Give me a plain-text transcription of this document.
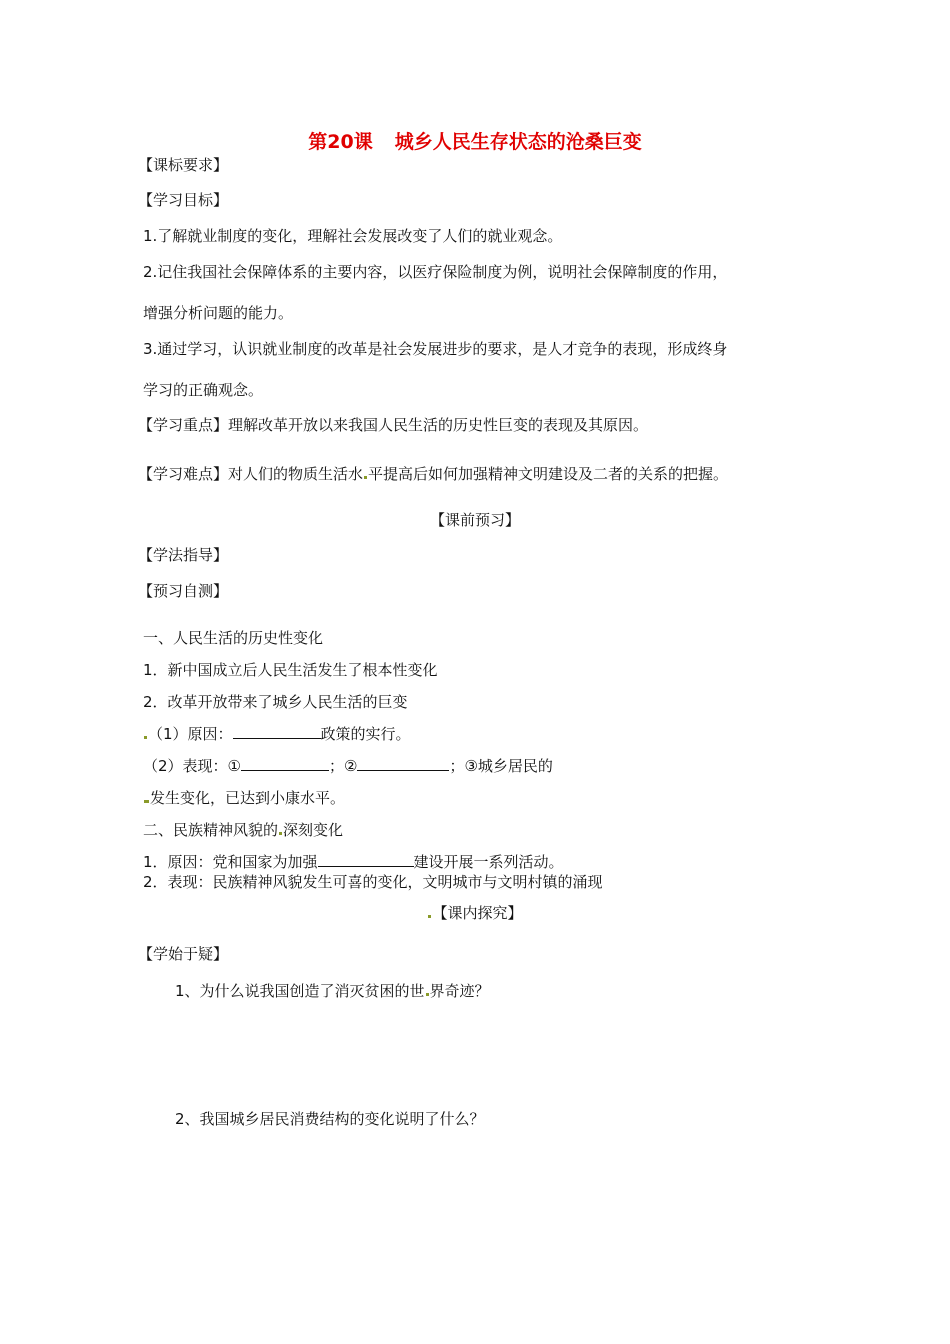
第20课 城乡人民生存状态的沧桑巨变
【课标要求】
【学习目标】
1.了解就业制度的变化，理解社会发展改变了人们的就业观念。
2.记住我国社会保障体系的主要内容，以医疗保险制度为例，说明社会保障制度的作用，
增强分析问题的能力。
3.通过学习，认识就业制度的改革是社会发展进步的要求，是人才竞争的表现，形成终身
学习的正确观念。
【学习重点】理解改革开放以来我国人民生活的历史性巨变的表现及其原因。
【学习难点】对人们的物质生活水 平提高后如何加强精神文明建设及二者的关系的把握。
【课前预习】
【学法指导】
【预习自测】
一、人民生活的历史性变化
1．新中国成立后人民生活发生了根本性变化
2．改革开放带来了城乡人民生活的巨变
（1）原因：	政策的实行。
（2）表现：①	；②	；③城乡居民的
发生变化，已达到小康水平。
二、民族精神风貌的 深刻变化
1．原因：党和国家为加强	建设开展一系列活动。
2．表现：民族精神风貌发生可喜的变化，文明城市与文明村镇的涌现
【课内探究】
【学始于疑】
1、为什么说我国创造了消灭贫困的世 界奇迹？
2、我国城乡居民消费结构的变化说明了什么？
